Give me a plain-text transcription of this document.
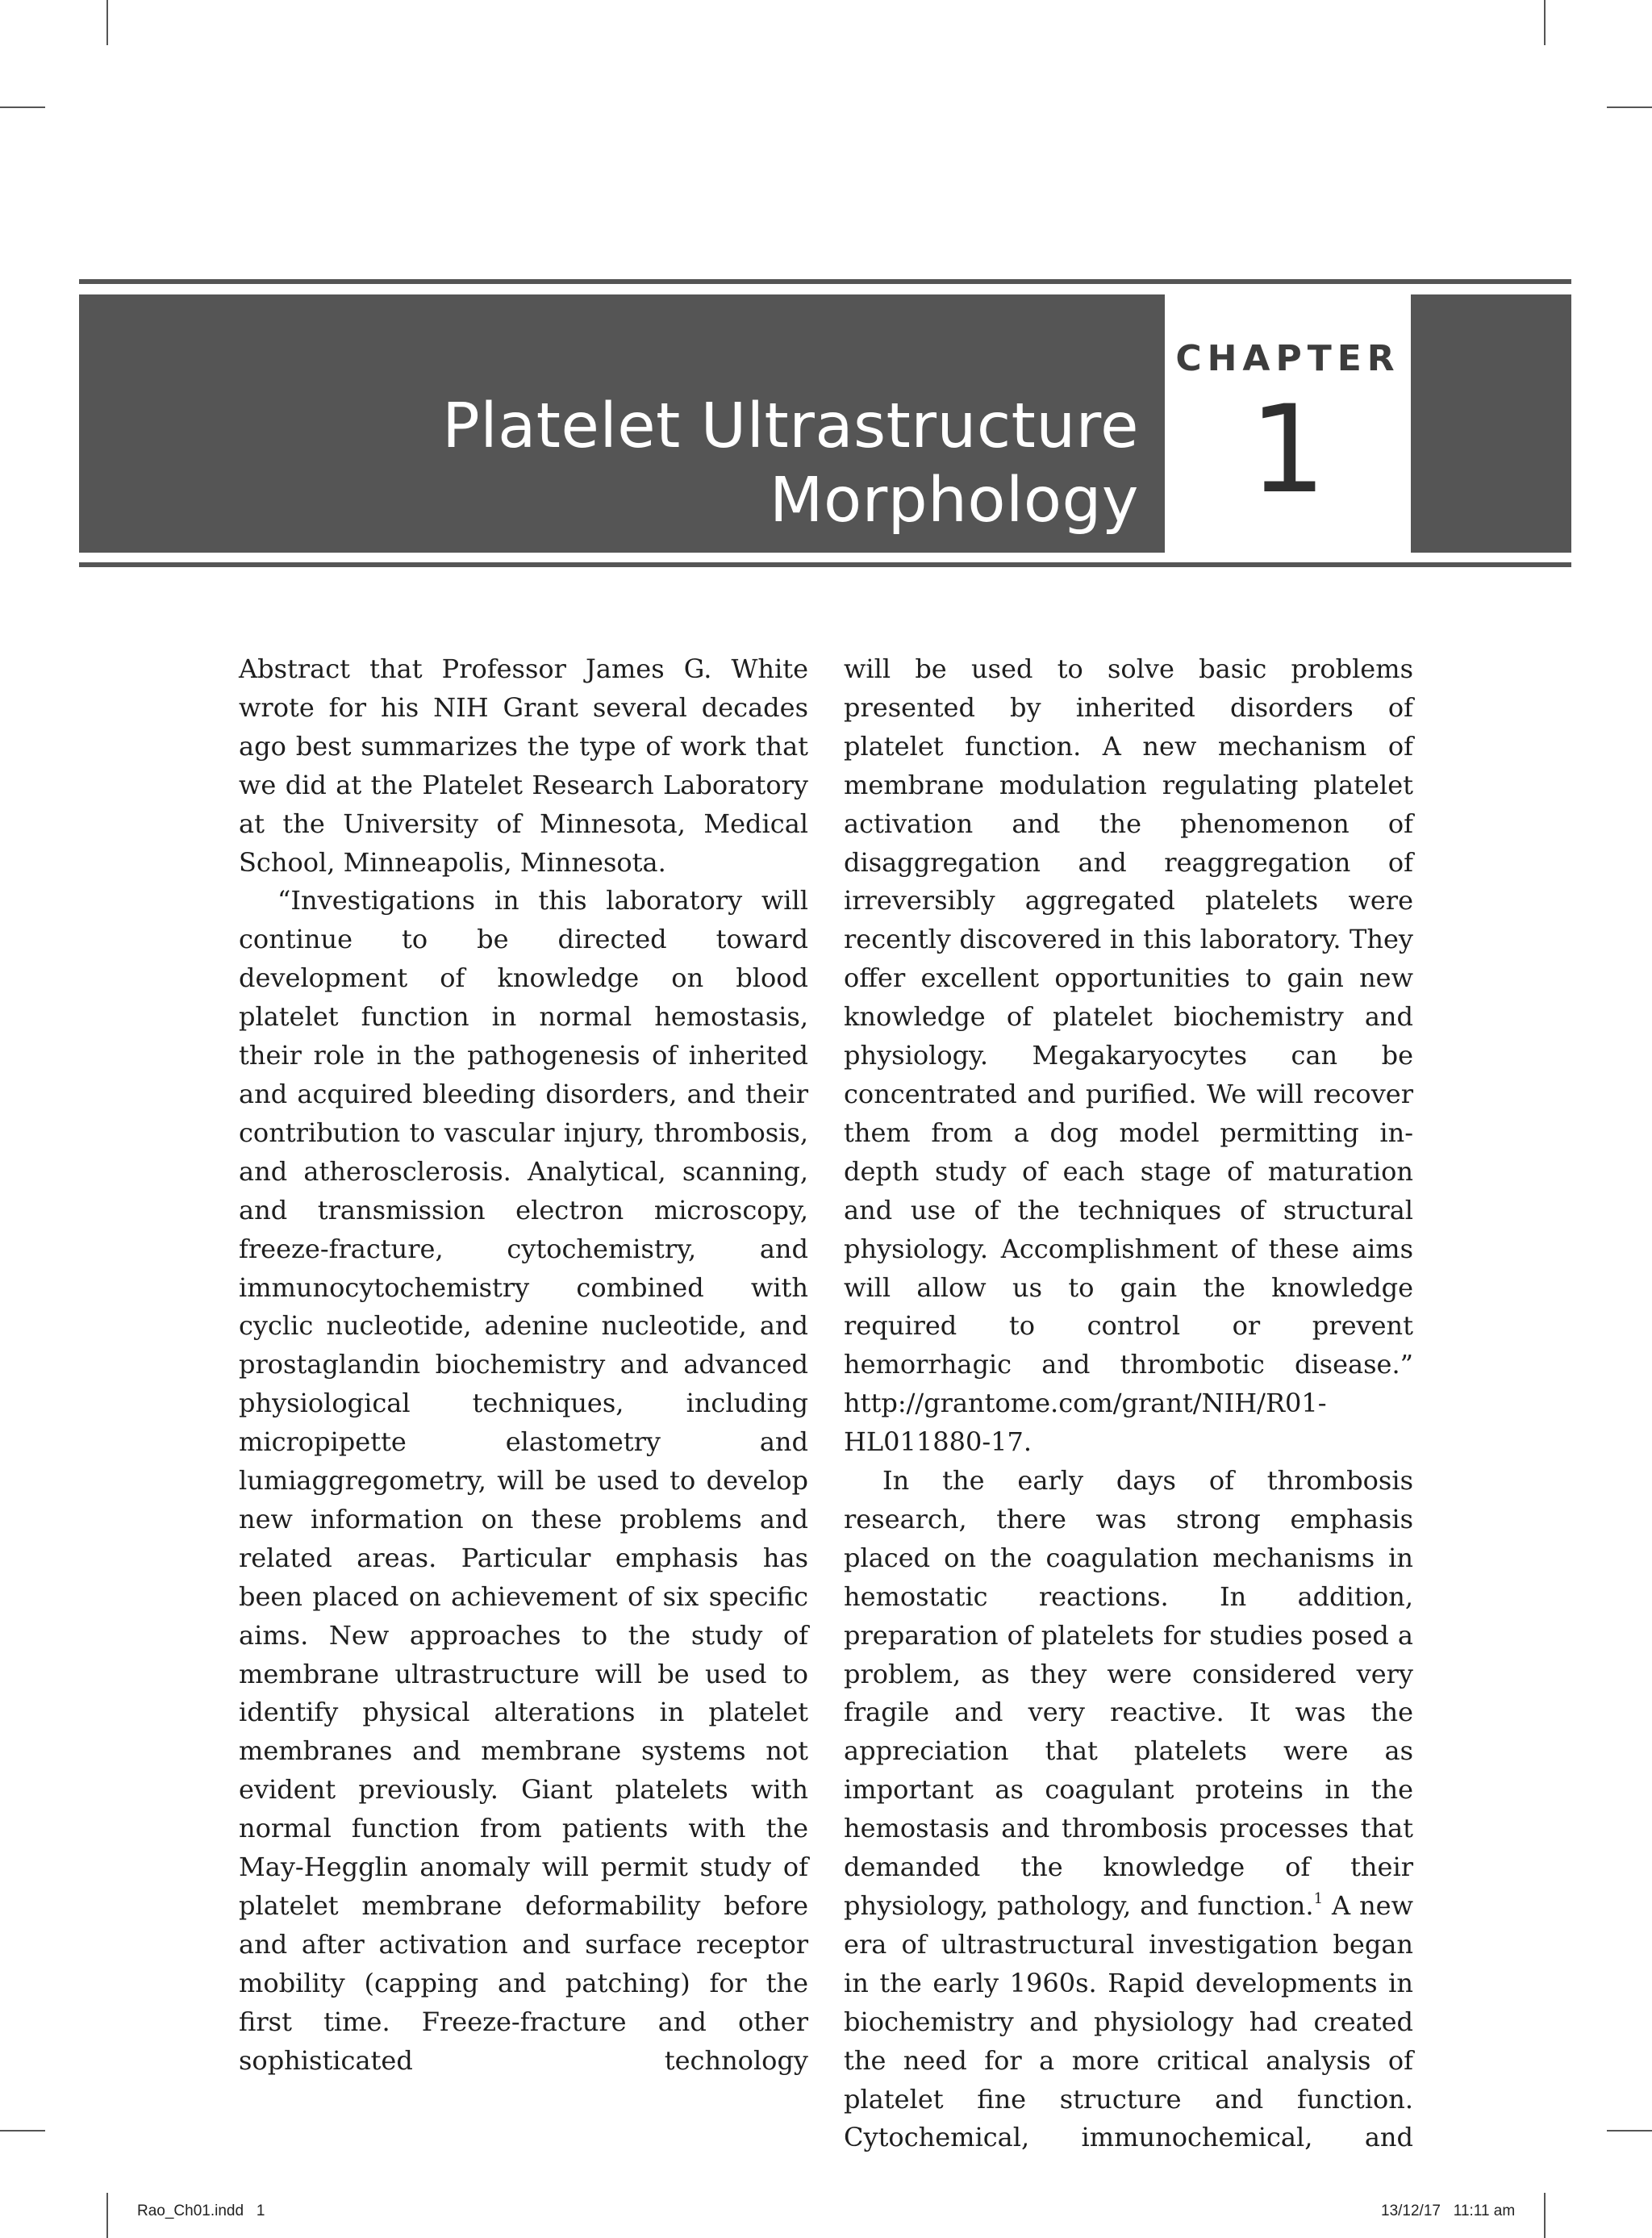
Platelet Ultrastructure
Morphology
CHAPTER
1

Abstract that Professor James G. White wrote for his NIH Grant several decades ago best summarizes the type of work that we did at the Platelet Research Laboratory at the University of Minnesota, Medical School, Minneapolis, Minnesota.

“Investigations in this laboratory will continue to be directed toward development of knowledge on blood platelet function in normal hemostasis, their role in the pathogenesis of inherited and acquired bleeding disorders, and their contribution to vascular injury, thrombosis, and atherosclerosis. Analytical, scanning, and transmission electron microscopy, freeze-fracture, cytochemistry, and immunocytochemistry combined with cyclic nucleotide, adenine nucleotide, and prostaglandin biochemistry and advanced physiological techniques, including micropipette elastometry and lumiaggregometry, will be used to develop new information on these problems and related areas. Particular emphasis has been placed on achievement of six specific aims. New approaches to the study of membrane ultrastructure will be used to identify physical alterations in platelet membranes and membrane systems not evident previously. Giant platelets with normal function from patients with the May-Hegglin anomaly will permit study of platelet membrane deformability before and after activation and surface receptor mobility (capping and patching) for the first time. Freeze-fracture and other sophisticated technology

will be used to solve basic problems presented by inherited disorders of platelet function. A new mechanism of membrane modulation regulating platelet activation and the phenomenon of disaggregation and reaggregation of irreversibly aggregated platelets were recently discovered in this laboratory. They offer excellent opportunities to gain new knowledge of platelet biochemistry and physiology. Megakaryocytes can be concentrated and purified. We will recover them from a dog model permitting in-depth study of each stage of maturation and use of the techniques of structural physiology. Accomplishment of these aims will allow us to gain the knowledge required to control or prevent hemorrhagic and thrombotic disease.” http://grantome.com/grant/NIH/R01-HL011880-17.

In the early days of thrombosis research, there was strong emphasis placed on the coagulation mechanisms in hemostatic reactions. In addition, preparation of platelets for studies posed a problem, as they were considered very fragile and very reactive. It was the appreciation that platelets were as important as coagulant proteins in the hemostasis and thrombosis processes that demanded the knowledge of their physiology, pathology, and function.$^1$ A new era of ultrastructural investigation began in the early 1960s. Rapid developments in biochemistry and physiology had created the need for a more critical analysis of platelet fine structure and function. Cytochemical, immunochemical, and

Rao_Ch01.indd   1	13/12/17   11:11 am
